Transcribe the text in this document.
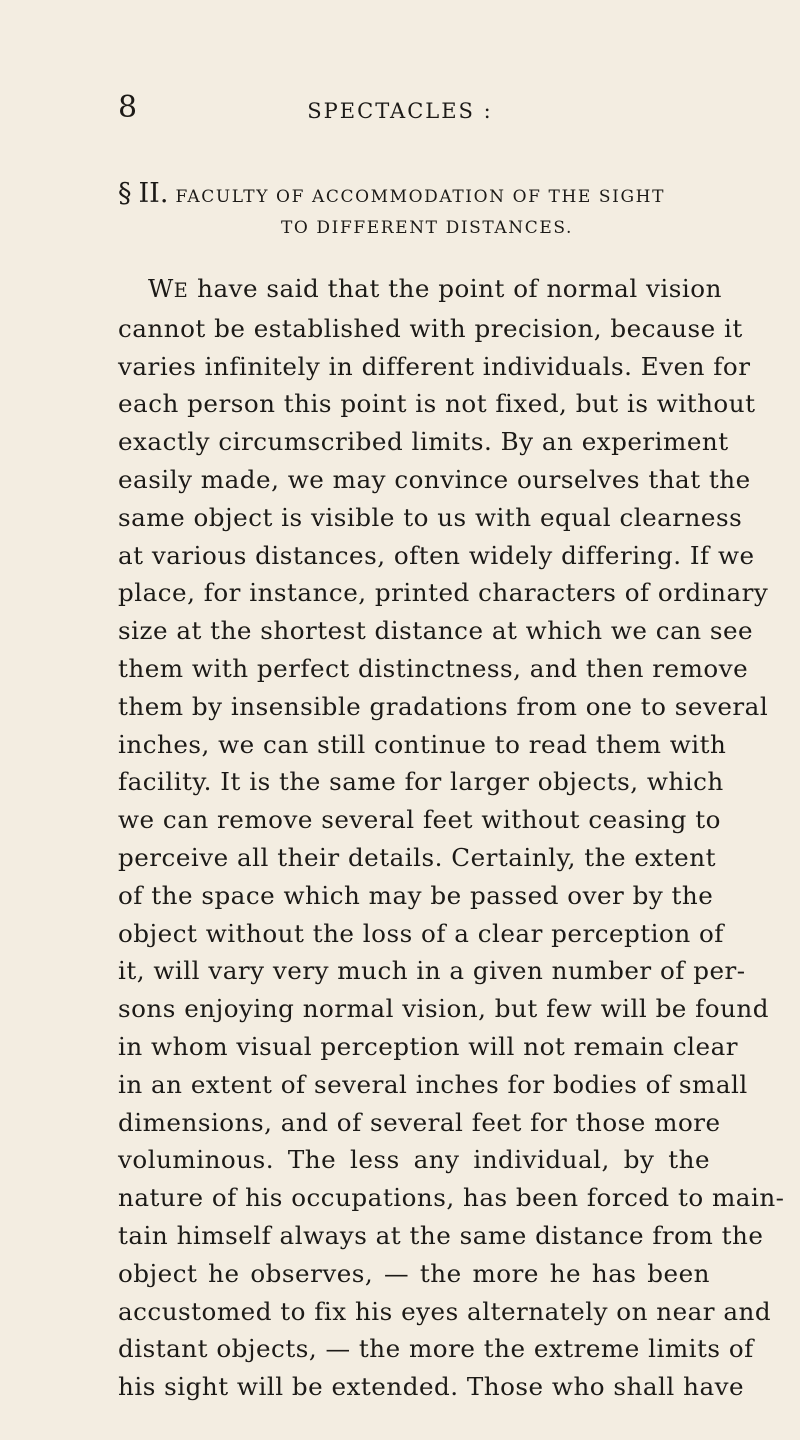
8	SPECTACLES :
§ II. FACULTY OF ACCOMMODATION OF THE SIGHT
TO DIFFERENT DISTANCES.
WE have said that the point of normal vision
cannot be established with precision, because it
varies infinitely in different individuals. Even for
each person this point is not fixed, but is without
exactly circumscribed limits. By an experiment
easily made, we may convince ourselves that the
same object is visible to us with equal clearness
at various distances, often widely differing. If we
place, for instance, printed characters of ordinary
size at the shortest distance at which we can see
them with perfect distinctness, and then remove
them by insensible gradations from one to several
inches, we can still continue to read them with
facility. It is the same for larger objects, which
we can remove several feet without ceasing to
perceive all their details. Certainly, the extent
of the space which may be passed over by the
object without the loss of a clear perception of
it, will vary very much in a given number of per-
sons enjoying normal vision, but few will be found
in whom visual perception will not remain clear
in an extent of several inches for bodies of small
dimensions, and of several feet for those more
voluminous. The less any individual, by the
nature of his occupations, has been forced to main-
tain himself always at the same distance from the
object he observes, — the more he has been
accustomed to fix his eyes alternately on near and
distant objects, — the more the extreme limits of
his sight will be extended. Those who shall have
